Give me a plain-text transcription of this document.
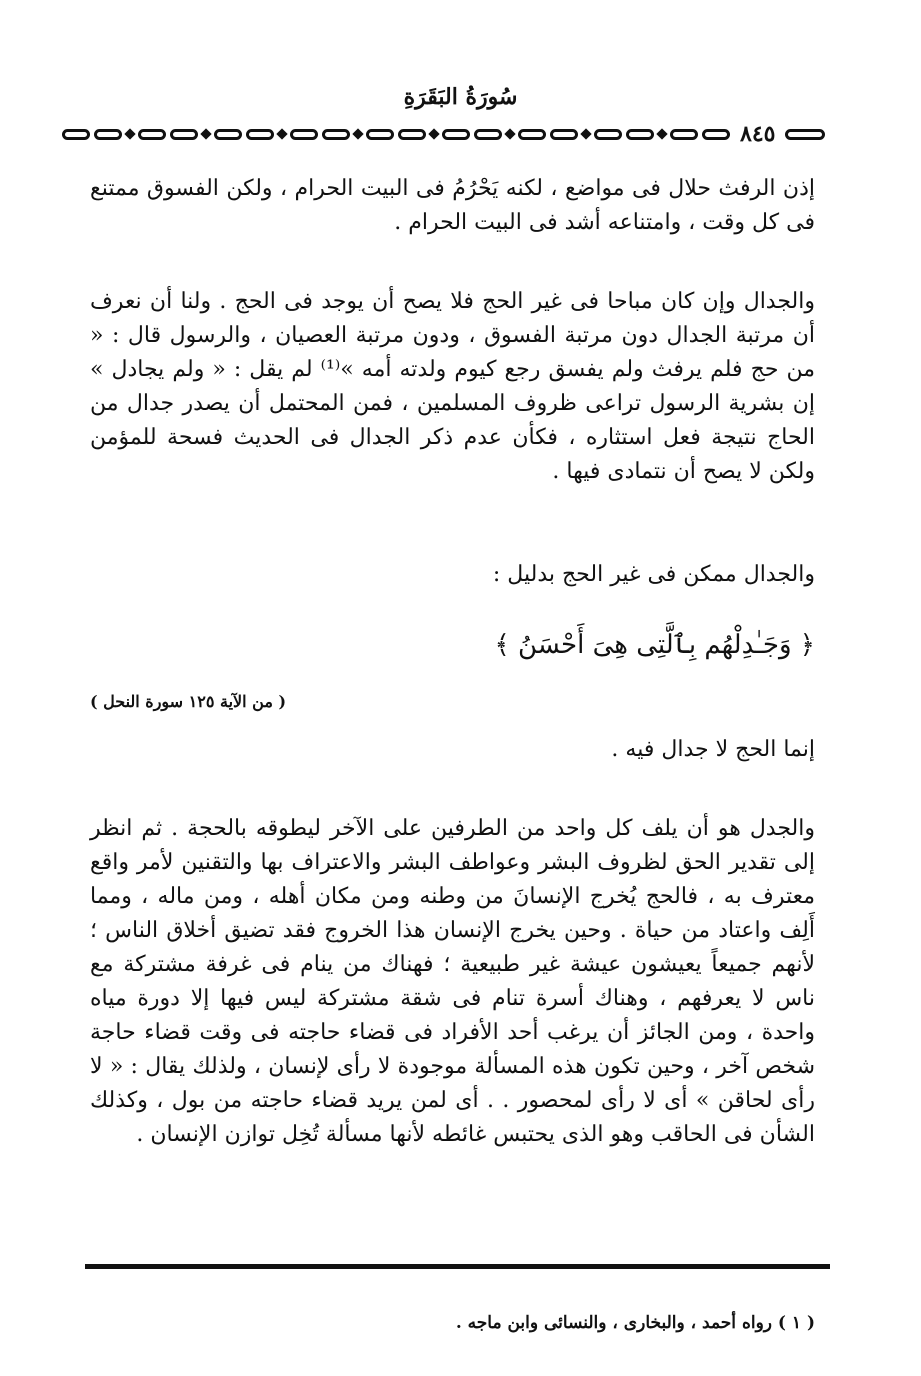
سُورَةُ البَقَرَةِ
٨٤٥
إذن الرفث حلال فى مواضع ، لكنه يَحْرُمُ فى البيت الحرام ، ولكن الفسوق ممتنع فى كل وقت ، وامتناعه أشد فى البيت الحرام .
والجدال وإن كان مباحا فى غير الحج فلا يصح أن يوجد فى الحج . ولنا أن نعرف أن مرتبة الجدال دون مرتبة الفسوق ، ودون مرتبة العصيان ، والرسول قال : « من حج فلم يرفث ولم يفسق رجع كيوم ولدته أمه »⁽¹⁾ لم يقل : « ولم يجادل » إن بشرية الرسول تراعى ظروف المسلمين ، فمن المحتمل أن يصدر جدال من الحاج نتيجة فعل استثاره ، فكأن عدم ذكر الجدال فى الحديث فسحة للمؤمن ولكن لا يصح أن نتمادى فيها .
والجدال ممكن فى غير الحج بدليل :
﴿ وَجَـٰدِلْهُم بِٱلَّتِى هِىَ أَحْسَنُ ﴾
( من الآية ١٢٥ سورة النحل )
إنما الحج لا جدال فيه .
والجدل هو أن يلف كل واحد من الطرفين على الآخر ليطوقه بالحجة . ثم انظر إلى تقدير الحق لظروف البشر وعواطف البشر والاعتراف بها والتقنين لأمر واقع معترف به ، فالحج يُخرج الإنسانَ من وطنه ومن مكان أهله ، ومن ماله ، ومما أَلِف واعتاد من حياة . وحين يخرج الإنسان هذا الخروج فقد تضيق أخلاق الناس ؛ لأنهم جميعاً يعيشون عيشة غير طبيعية ؛ فهناك من ينام فى غرفة مشتركة مع ناس لا يعرفهم ، وهناك أسرة تنام فى شقة مشتركة ليس فيها إلا دورة مياه واحدة ، ومن الجائز أن يرغب أحد الأفراد فى قضاء حاجته فى وقت قضاء حاجة شخص آخر ، وحين تكون هذه المسألة موجودة لا رأى لإنسان ، ولذلك يقال : « لا رأى لحاقن » أى لا رأى لمحصور . . أى لمن يريد قضاء حاجته من بول ، وكذلك الشأن فى الحاقب وهو الذى يحتبس غائطه لأنها مسألة تُخِل توازن الإنسان .
( ١ ) رواه أحمد ، والبخارى ، والنسائى وابن ماجه .
